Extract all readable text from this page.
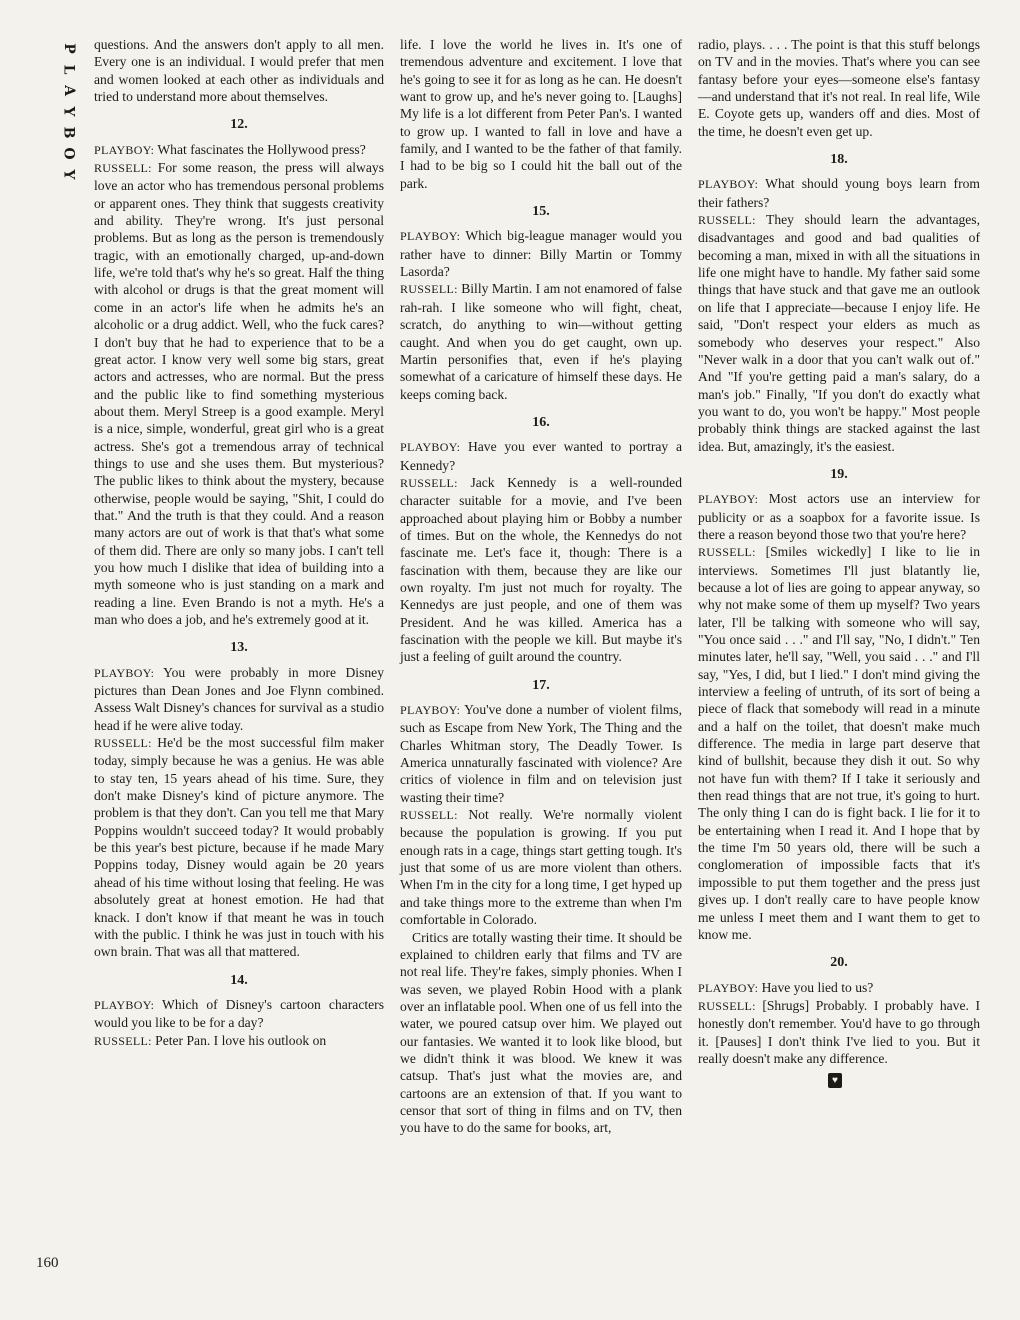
P
L
A
Y
B
O
Y
160

questions. And the answers don't apply to all men. Every one is an individual. I would prefer that men and women looked at each other as individuals and tried to understand more about themselves.

12.

PLAYBOY: What fascinates the Hollywood press?

RUSSELL: For some reason, the press will always love an actor who has tremendous personal problems or apparent ones. They think that suggests creativity and ability. They're wrong. It's just personal problems. But as long as the person is tremendously tragic, with an emotionally charged, up-and-down life, we're told that's why he's so great. Half the thing with alcohol or drugs is that the great moment will come in an actor's life when he admits he's an alcoholic or a drug addict. Well, who the fuck cares? I don't buy that he had to experience that to be a great actor. I know very well some big stars, great actors and actresses, who are normal. But the press and the public like to find something mysterious about them. Meryl Streep is a good example. Meryl is a nice, simple, wonderful, great girl who is a great actress. She's got a tremendous array of technical things to use and she uses them. But mysterious? The public likes to think about the mystery, because otherwise, people would be saying, "Shit, I could do that." And the truth is that they could. And a reason many actors are out of work is that that's what some of them did. There are only so many jobs. I can't tell you how much I dislike that idea of building into a myth someone who is just standing on a mark and reading a line. Even Brando is not a myth. He's a man who does a job, and he's extremely good at it.

13.

PLAYBOY: You were probably in more Disney pictures than Dean Jones and Joe Flynn combined. Assess Walt Disney's chances for survival as a studio head if he were alive today.

RUSSELL: He'd be the most successful film maker today, simply because he was a genius. He was able to stay ten, 15 years ahead of his time. Sure, they don't make Disney's kind of picture anymore. The problem is that they don't. Can you tell me that Mary Poppins wouldn't succeed today? It would probably be this year's best picture, because if he made Mary Poppins today, Disney would again be 20 years ahead of his time without losing that feeling. He was absolutely great at honest emotion. He had that knack. I don't know if that meant he was in touch with the public. I think he was just in touch with his own brain. That was all that mattered.

14.

PLAYBOY: Which of Disney's cartoon characters would you like to be for a day?

RUSSELL: Peter Pan. I love his outlook on

life. I love the world he lives in. It's one of tremendous adventure and excitement. I love that he's going to see it for as long as he can. He doesn't want to grow up, and he's never going to. [Laughs] My life is a lot different from Peter Pan's. I wanted to grow up. I wanted to fall in love and have a family, and I wanted to be the father of that family. I had to be big so I could hit the ball out of the park.

15.

PLAYBOY: Which big-league manager would you rather have to dinner: Billy Martin or Tommy Lasorda?

RUSSELL: Billy Martin. I am not enamored of false rah-rah. I like someone who will fight, cheat, scratch, do anything to win—without getting caught. And when you do get caught, own up. Martin personifies that, even if he's playing somewhat of a caricature of himself these days. He keeps coming back.

16.

PLAYBOY: Have you ever wanted to portray a Kennedy?

RUSSELL: Jack Kennedy is a well-rounded character suitable for a movie, and I've been approached about playing him or Bobby a number of times. But on the whole, the Kennedys do not fascinate me. Let's face it, though: There is a fascination with them, because they are like our own royalty. I'm just not much for royalty. The Kennedys are just people, and one of them was President. And he was killed. America has a fascination with the people we kill. But maybe it's just a feeling of guilt around the country.

17.

PLAYBOY: You've done a number of violent films, such as Escape from New York, The Thing and the Charles Whitman story, The Deadly Tower. Is America unnaturally fascinated with violence? Are critics of violence in film and on television just wasting their time?

RUSSELL: Not really. We're normally violent because the population is growing. If you put enough rats in a cage, things start getting tough. It's just that some of us are more violent than others. When I'm in the city for a long time, I get hyped up and take things more to the extreme than when I'm comfortable in Colorado.

Critics are totally wasting their time. It should be explained to children early that films and TV are not real life. They're fakes, simply phonies. When I was seven, we played Robin Hood with a plank over an inflatable pool. When one of us fell into the water, we poured catsup over him. We played out our fantasies. We wanted it to look like blood, but we didn't think it was blood. We knew it was catsup. That's just what the movies are, and cartoons are an extension of that. If you want to censor that sort of thing in films and on TV, then you have to do the same for books, art,

radio, plays. . . . The point is that this stuff belongs on TV and in the movies. That's where you can see fantasy before your eyes—someone else's fantasy—and understand that it's not real. In real life, Wile E. Coyote gets up, wanders off and dies. Most of the time, he doesn't even get up.

18.

PLAYBOY: What should young boys learn from their fathers?

RUSSELL: They should learn the advantages, disadvantages and good and bad qualities of becoming a man, mixed in with all the situations in life one might have to handle. My father said some things that have stuck and that gave me an outlook on life that I appreciate—because I enjoy life. He said, "Don't respect your elders as much as somebody who deserves your respect." Also "Never walk in a door that you can't walk out of." And "If you're getting paid a man's salary, do a man's job." Finally, "If you don't do exactly what you want to do, you won't be happy." Most people probably think things are stacked against the last idea. But, amazingly, it's the easiest.

19.

PLAYBOY: Most actors use an interview for publicity or as a soapbox for a favorite issue. Is there a reason beyond those two that you're here?

RUSSELL: [Smiles wickedly] I like to lie in interviews. Sometimes I'll just blatantly lie, because a lot of lies are going to appear anyway, so why not make some of them up myself? Two years later, I'll be talking with someone who will say, "You once said . . ." and I'll say, "No, I didn't." Ten minutes later, he'll say, "Well, you said . . ." and I'll say, "Yes, I did, but I lied." I don't mind giving the interview a feeling of untruth, of its sort of being a piece of flack that somebody will read in a minute and a half on the toilet, that doesn't make much difference. The media in large part deserve that kind of bullshit, because they dish it out. So why not have fun with them? If I take it seriously and then read things that are not true, it's going to hurt. The only thing I can do is fight back. I lie for it to be entertaining when I read it. And I hope that by the time I'm 50 years old, there will be such a conglomeration of impossible facts that it's impossible to put them together and the press just gives up. I don't really care to have people know me unless I meet them and I want them to get to know me.

20.

PLAYBOY: Have you lied to us?

RUSSELL: [Shrugs] Probably. I probably have. I honestly don't remember. You'd have to go through it. [Pauses] I don't think I've lied to you. But it really doesn't make any difference.

♥
